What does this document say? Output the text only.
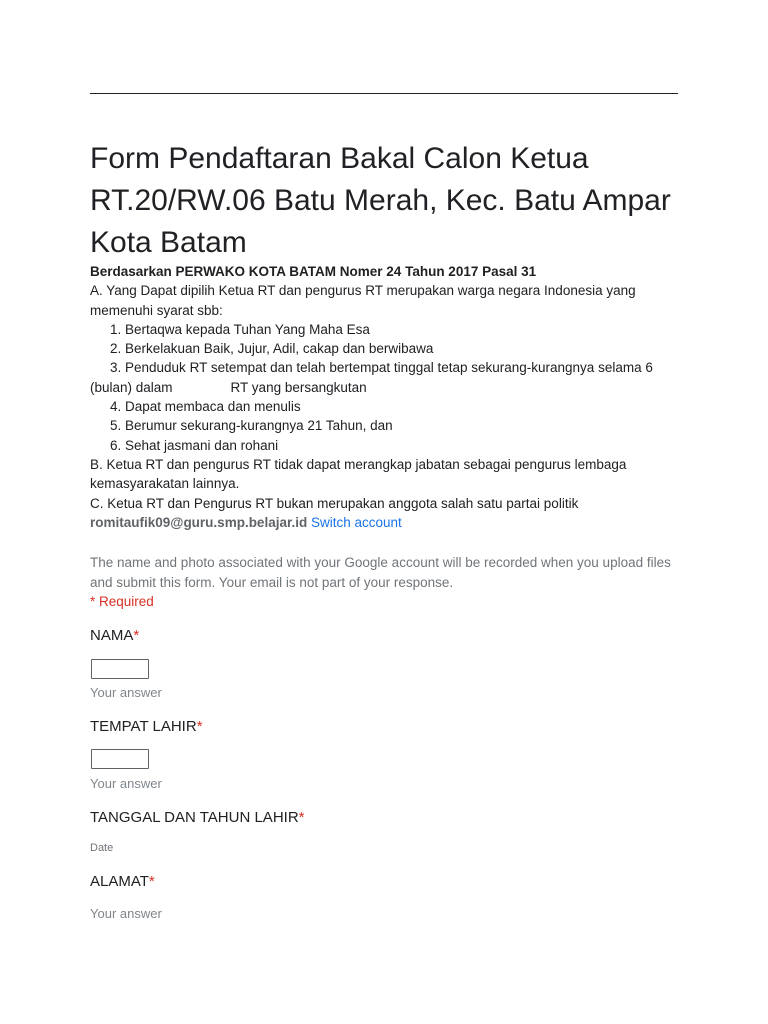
Form Pendaftaran Bakal Calon Ketua RT.20/RW.06 Batu Merah, Kec. Batu Ampar Kota Batam
Berdasarkan PERWAKO KOTA BATAM Nomer 24 Tahun 2017 Pasal 31
A. Yang Dapat dipilih Ketua RT dan pengurus RT merupakan warga negara Indonesia yang memenuhi syarat sbb:
1. Bertaqwa kepada Tuhan Yang Maha Esa
2. Berkelakuan Baik, Jujur, Adil, cakap dan berwibawa
3. Penduduk RT setempat dan telah bertempat tinggal tetap sekurang-kurangnya selama 6
(bulan) dalam	RT yang bersangkutan
4. Dapat membaca dan menulis
5. Berumur sekurang-kurangnya 21 Tahun, dan
6. Sehat jasmani dan rohani
B. Ketua RT dan pengurus RT tidak dapat merangkap jabatan sebagai pengurus lembaga kemasyarakatan lainnya.
C. Ketua RT dan Pengurus RT bukan merupakan anggota salah satu partai politik
romitaufik09@guru.smp.belajar.id Switch account
The name and photo associated with your Google account will be recorded when you upload files and submit this form. Your email is not part of your response.
* Required
NAMA*
Your answer
TEMPAT LAHIR*
Your answer
TANGGAL DAN TAHUN LAHIR*
Date
ALAMAT*
Your answer
